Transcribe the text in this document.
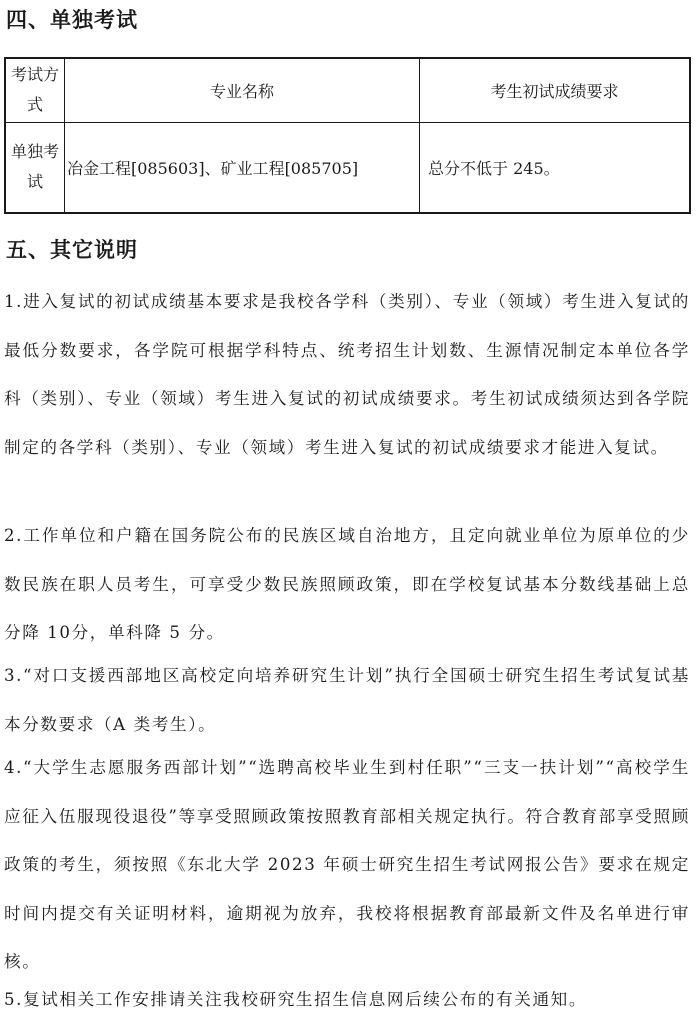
四、单独考试
考试方式	专业名称	考生初试成绩要求
单独考试	冶金工程[085603]、矿业工程[085705]	总分不低于 245。
五、其它说明

1.进入复试的初试成绩基本要求是我校各学科（类别）、专业（领域）考生进入复试的最低分数要求，各学院可根据学科特点、统考招生计划数、生源情况制定本单位各学科（类别）、专业（领域）考生进入复试的初试成绩要求。考生初试成绩须达到各学院制定的各学科（类别）、专业（领域）考生进入复试的初试成绩要求才能进入复试。

2.工作单位和户籍在国务院公布的民族区域自治地方，且定向就业单位为原单位的少数民族在职人员考生，可享受少数民族照顾政策，即在学校复试基本分数线基础上总分降 10分，单科降 5 分。

3.“对口支援西部地区高校定向培养研究生计划”执行全国硕士研究生招生考试复试基本分数要求（A 类考生）。

4.“大学生志愿服务西部计划”“选聘高校毕业生到村任职”“三支一扶计划”“高校学生应征入伍服现役退役”等享受照顾政策按照教育部相关规定执行。符合教育部享受照顾政策的考生，须按照《东北大学 2023 年硕士研究生招生考试网报公告》要求在规定时间内提交有关证明材料，逾期视为放弃，我校将根据教育部最新文件及名单进行审核。

5.复试相关工作安排请关注我校研究生招生信息网后续公布的有关通知。
